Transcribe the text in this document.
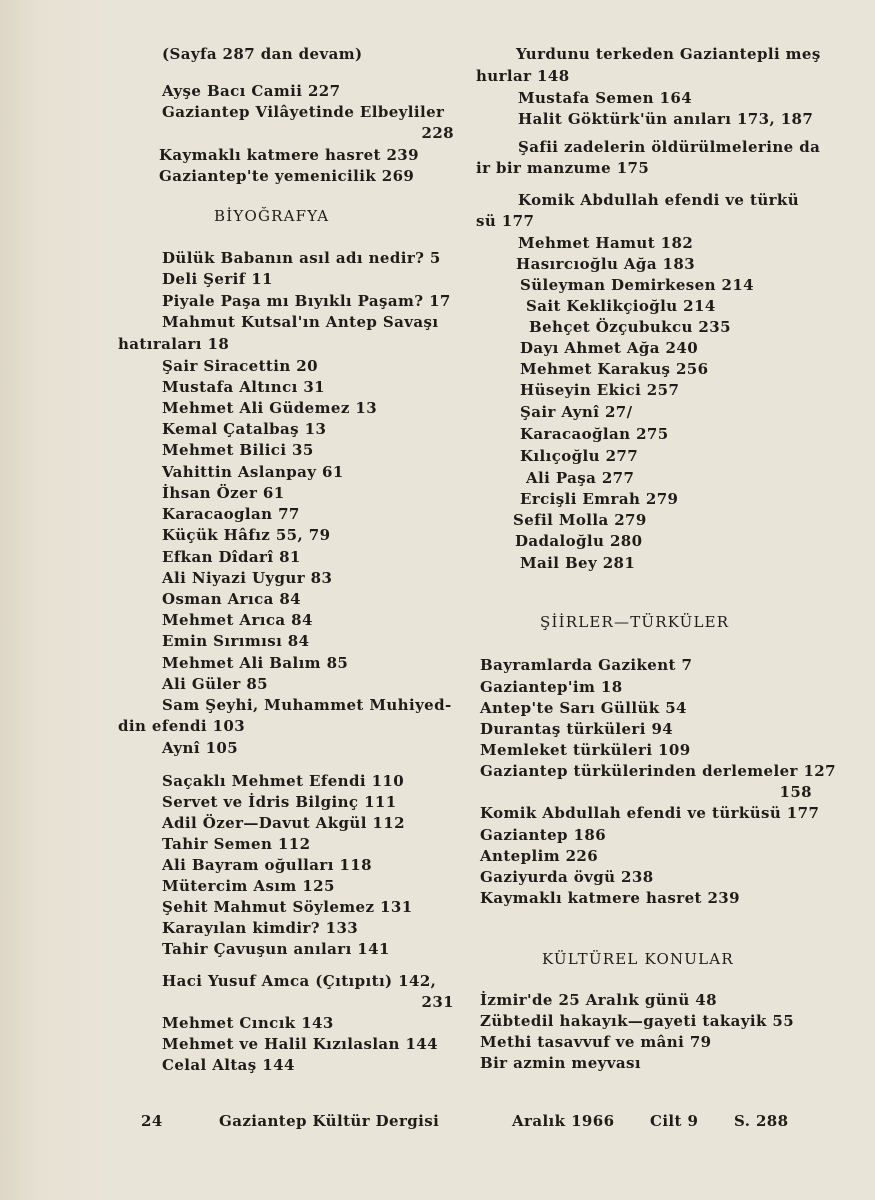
(Sayfa 287 dan devam)
Ayşe Bacı Camii 227
Gaziantep Vilâyetinde Elbeyliler
228
Kaymaklı katmere hasret 239
Gaziantep'te yemenicilik 269
BİYOĞRAFYA
Dülük Babanın asıl adı nedir? 5
Deli Şerif 11
Piyale Paşa mı Bıyıklı Paşam? 17
Mahmut Kutsal'ın Antep Savaşı
hatıraları 18
Şair Siracettin 20
Mustafa Altıncı 31
Mehmet Ali Güdemez 13
Kemal Çatalbaş 13
Mehmet Bilici 35
Vahittin Aslanpay 61
İhsan Özer 61
Karacaoglan 77
Küçük Hâfız 55, 79
Efkan Dîdarî 81
Ali Niyazi Uygur 83
Osman Arıca 84
Mehmet Arıca 84
Emin Sırımısı 84
Mehmet Ali Balım 85
Ali Güler 85
Sam Şeyhi, Muhammet Muhiyed-
din efendi 103
Aynî 105
Saçaklı Mehmet Efendi 110
Servet ve İdris Bilginç 111
Adil Özer—Davut Akgül 112
Tahir Semen 112
Ali Bayram oğulları 118
Mütercim Asım 125
Şehit Mahmut Söylemez 131
Karayılan kimdir? 133
Tahir Çavuşun anıları 141
Haci Yusuf Amca (Çıtıpıtı) 142,
231
Mehmet Cıncık 143
Mehmet ve Halil Kızılaslan 144
Celal Altaş 144
Yurdunu terkeden Gaziantepli meş
hurlar 148
Mustafa Semen 164
Halit Göktürk'ün anıları 173, 187
Şafii zadelerin öldürülmelerine da
ir bir manzume 175
Komik Abdullah efendi ve türkü
sü 177
Mehmet Hamut 182
Hasırcıoğlu Ağa 183
Süleyman Demirkesen 214
Sait Keklikçioğlu 214
Behçet Özçubukcu 235
Dayı Ahmet Ağa 240
Mehmet Karakuş 256
Hüseyin Ekici 257
Şair Aynî 27/
Karacaoğlan 275
Kılıçoğlu 277
Ali Paşa 277
Ercişli Emrah 279
Sefil Molla 279
Dadaloğlu 280
Mail Bey 281
ŞİİRLER—TÜRKÜLER
Bayramlarda Gazikent 7
Gaziantep'im 18
Antep'te Sarı Güllük 54
Durantaş türküleri 94
Memleket türküleri 109
Gaziantep türkülerinden derlemeler 127
158
Komik Abdullah efendi ve türküsü 177
Gaziantep 186
Anteplim 226
Gaziyurda övgü 238
Kaymaklı katmere hasret 239
KÜLTÜREL KONULAR
İzmir'de 25 Aralık günü 48
Zübtedil hakayık—gayeti takayik 55
Methi tasavvuf ve mâni 79
Bir azmin meyvası
24	Gaziantep Kültür Dergisi	Aralık 1966 Cilt 9 S. 288
